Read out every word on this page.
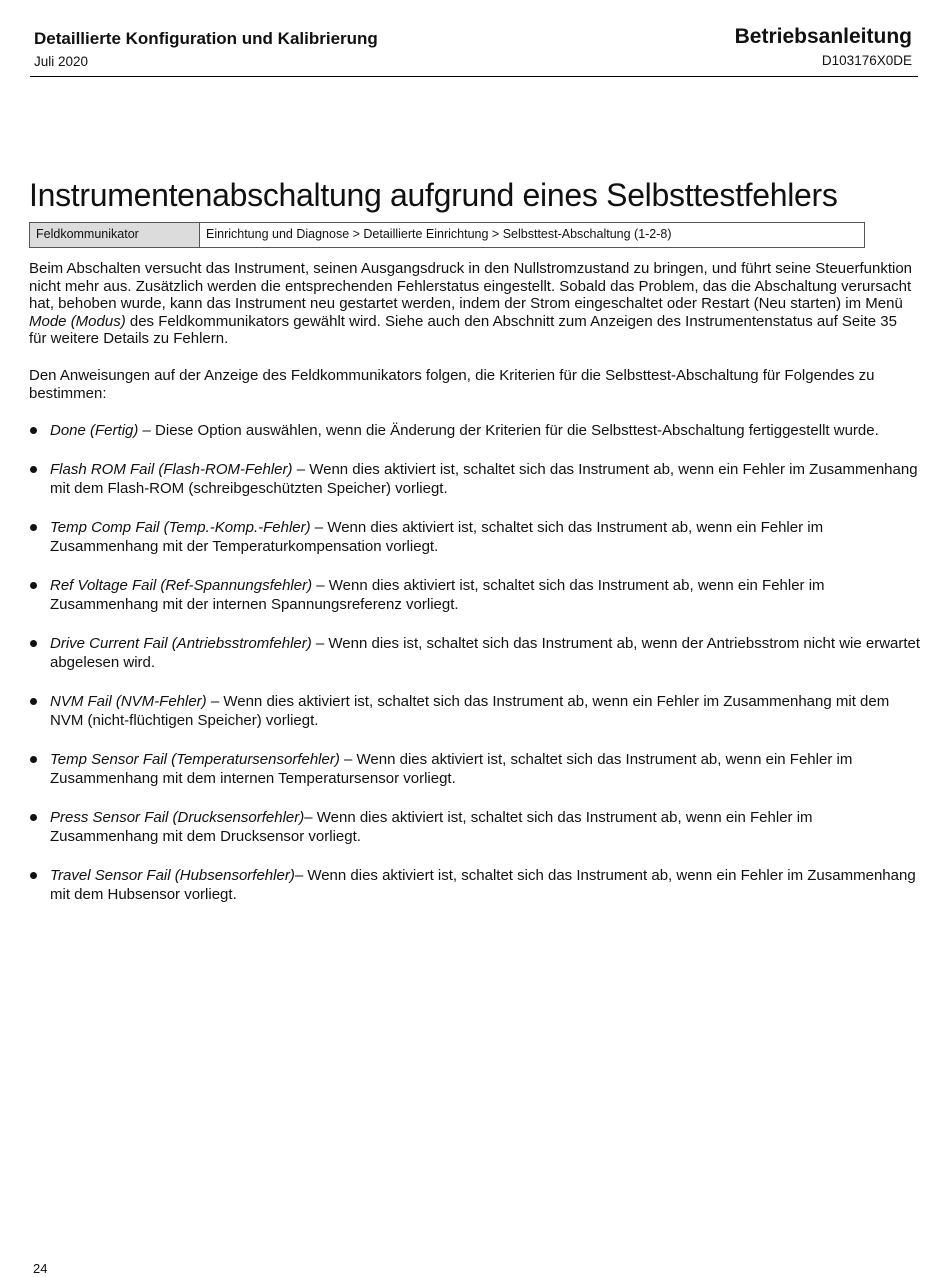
Detaillierte Konfiguration und Kalibrierung
Juli 2020
Betriebsanleitung
D103176X0DE
Instrumentenabschaltung aufgrund eines Selbsttestfehlers
Feldkommunikator	Einrichtung und Diagnose > Detaillierte Einrichtung > Selbsttest-Abschaltung (1-2-8)

Beim Abschalten versucht das Instrument, seinen Ausgangsdruck in den Nullstromzustand zu bringen, und führt seine Steuerfunktion nicht mehr aus. Zusätzlich werden die entsprechenden Fehlerstatus eingestellt. Sobald das Problem, das die Abschaltung verursacht hat, behoben wurde, kann das Instrument neu gestartet werden, indem der Strom eingeschaltet oder Restart (Neu starten) im Menü Mode (Modus) des Feldkommunikators gewählt wird. Siehe auch den Abschnitt zum Anzeigen des Instrumentenstatus auf Seite 35 für weitere Details zu Fehlern.

Den Anweisungen auf der Anzeige des Feldkommunikators folgen, die Kriterien für die Selbsttest-Abschaltung für Folgendes zu bestimmen:

Done (Fertig) – Diese Option auswählen, wenn die Änderung der Kriterien für die Selbsttest-Abschaltung fertiggestellt wurde.
Flash ROM Fail (Flash-ROM-Fehler) – Wenn dies aktiviert ist, schaltet sich das Instrument ab, wenn ein Fehler im Zusammenhang mit dem Flash-ROM (schreibgeschützten Speicher) vorliegt.
Temp Comp Fail (Temp.-Komp.-Fehler) – Wenn dies aktiviert ist, schaltet sich das Instrument ab, wenn ein Fehler im Zusammenhang mit der Temperaturkompensation vorliegt.
Ref Voltage Fail (Ref-Spannungsfehler) – Wenn dies aktiviert ist, schaltet sich das Instrument ab, wenn ein Fehler im Zusammenhang mit der internen Spannungsreferenz vorliegt.
Drive Current Fail (Antriebsstromfehler) – Wenn dies ist, schaltet sich das Instrument ab, wenn der Antriebsstrom nicht wie erwartet abgelesen wird.
NVM Fail (NVM-Fehler) – Wenn dies aktiviert ist, schaltet sich das Instrument ab, wenn ein Fehler im Zusammenhang mit dem NVM (nicht-flüchtigen Speicher) vorliegt.
Temp Sensor Fail (Temperatursensorfehler) – Wenn dies aktiviert ist, schaltet sich das Instrument ab, wenn ein Fehler im Zusammenhang mit dem internen Temperatursensor vorliegt.
Press Sensor Fail (Drucksensorfehler)– Wenn dies aktiviert ist, schaltet sich das Instrument ab, wenn ein Fehler im Zusammenhang mit dem Drucksensor vorliegt.
Travel Sensor Fail (Hubsensorfehler)– Wenn dies aktiviert ist, schaltet sich das Instrument ab, wenn ein Fehler im Zusammenhang mit dem Hubsensor vorliegt.
24
